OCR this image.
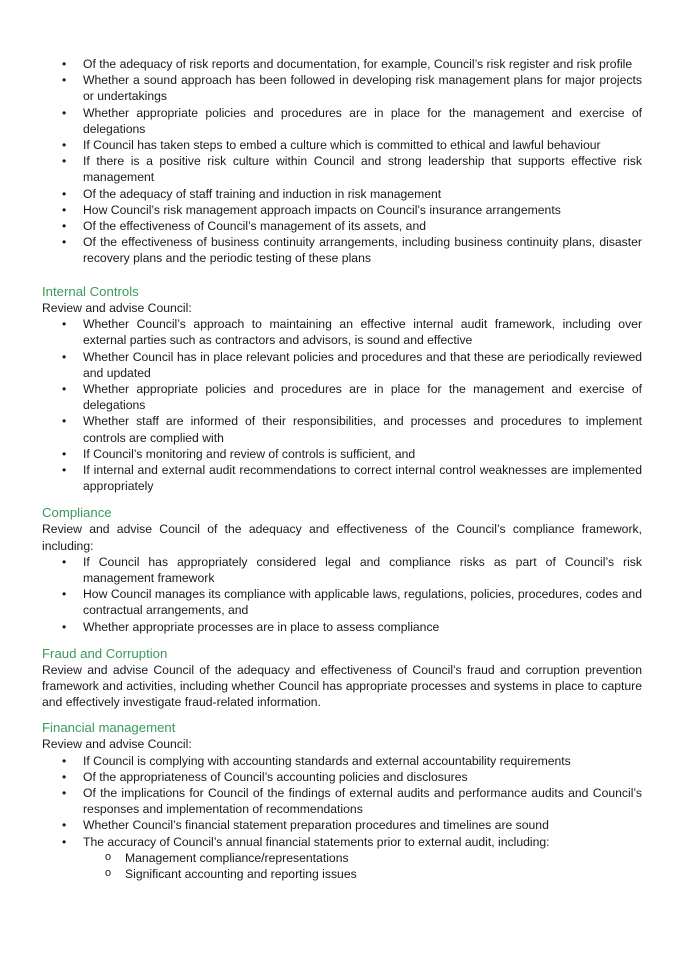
• Of the adequacy of risk reports and documentation, for example, Council’s risk register and risk profile
• Whether a sound approach has been followed in developing risk management plans for major projects or undertakings
• Whether appropriate policies and procedures are in place for the management and exercise of delegations
• If Council has taken steps to embed a culture which is committed to ethical and lawful behaviour
• If there is a positive risk culture within Council and strong leadership that supports effective risk management
• Of the adequacy of staff training and induction in risk management
• How Council’s risk management approach impacts on Council’s insurance arrangements
• Of the effectiveness of Council’s management of its assets, and
• Of the effectiveness of business continuity arrangements, including business continuity plans, disaster recovery plans and the periodic testing of these plans
Internal Controls
Review and advise Council:
• Whether Council’s approach to maintaining an effective internal audit framework, including over external parties such as contractors and advisors, is sound and effective
• Whether Council has in place relevant policies and procedures and that these are periodically reviewed and updated
• Whether appropriate policies and procedures are in place for the management and exercise of delegations
• Whether staff are informed of their responsibilities, and processes and procedures to implement controls are complied with
• If Council’s monitoring and review of controls is sufficient, and
• If internal and external audit recommendations to correct internal control weaknesses are implemented appropriately
Compliance
Review and advise Council of the adequacy and effectiveness of the Council’s compliance framework, including:
• If Council has appropriately considered legal and compliance risks as part of Council’s risk management framework
• How Council manages its compliance with applicable laws, regulations, policies, procedures, codes and contractual arrangements, and
• Whether appropriate processes are in place to assess compliance
Fraud and Corruption
Review and advise Council of the adequacy and effectiveness of Council’s fraud and corruption prevention framework and activities, including whether Council has appropriate processes and systems in place to capture and effectively investigate fraud-related information.
Financial management
Review and advise Council:
• If Council is complying with accounting standards and external accountability requirements
• Of the appropriateness of Council’s accounting policies and disclosures
• Of the implications for Council of the findings of external audits and performance audits and Council’s responses and implementation of recommendations
• Whether Council’s financial statement preparation procedures and timelines are sound
• The accuracy of Council’s annual financial statements prior to external audit, including:
o Management compliance/representations
o Significant accounting and reporting issues
